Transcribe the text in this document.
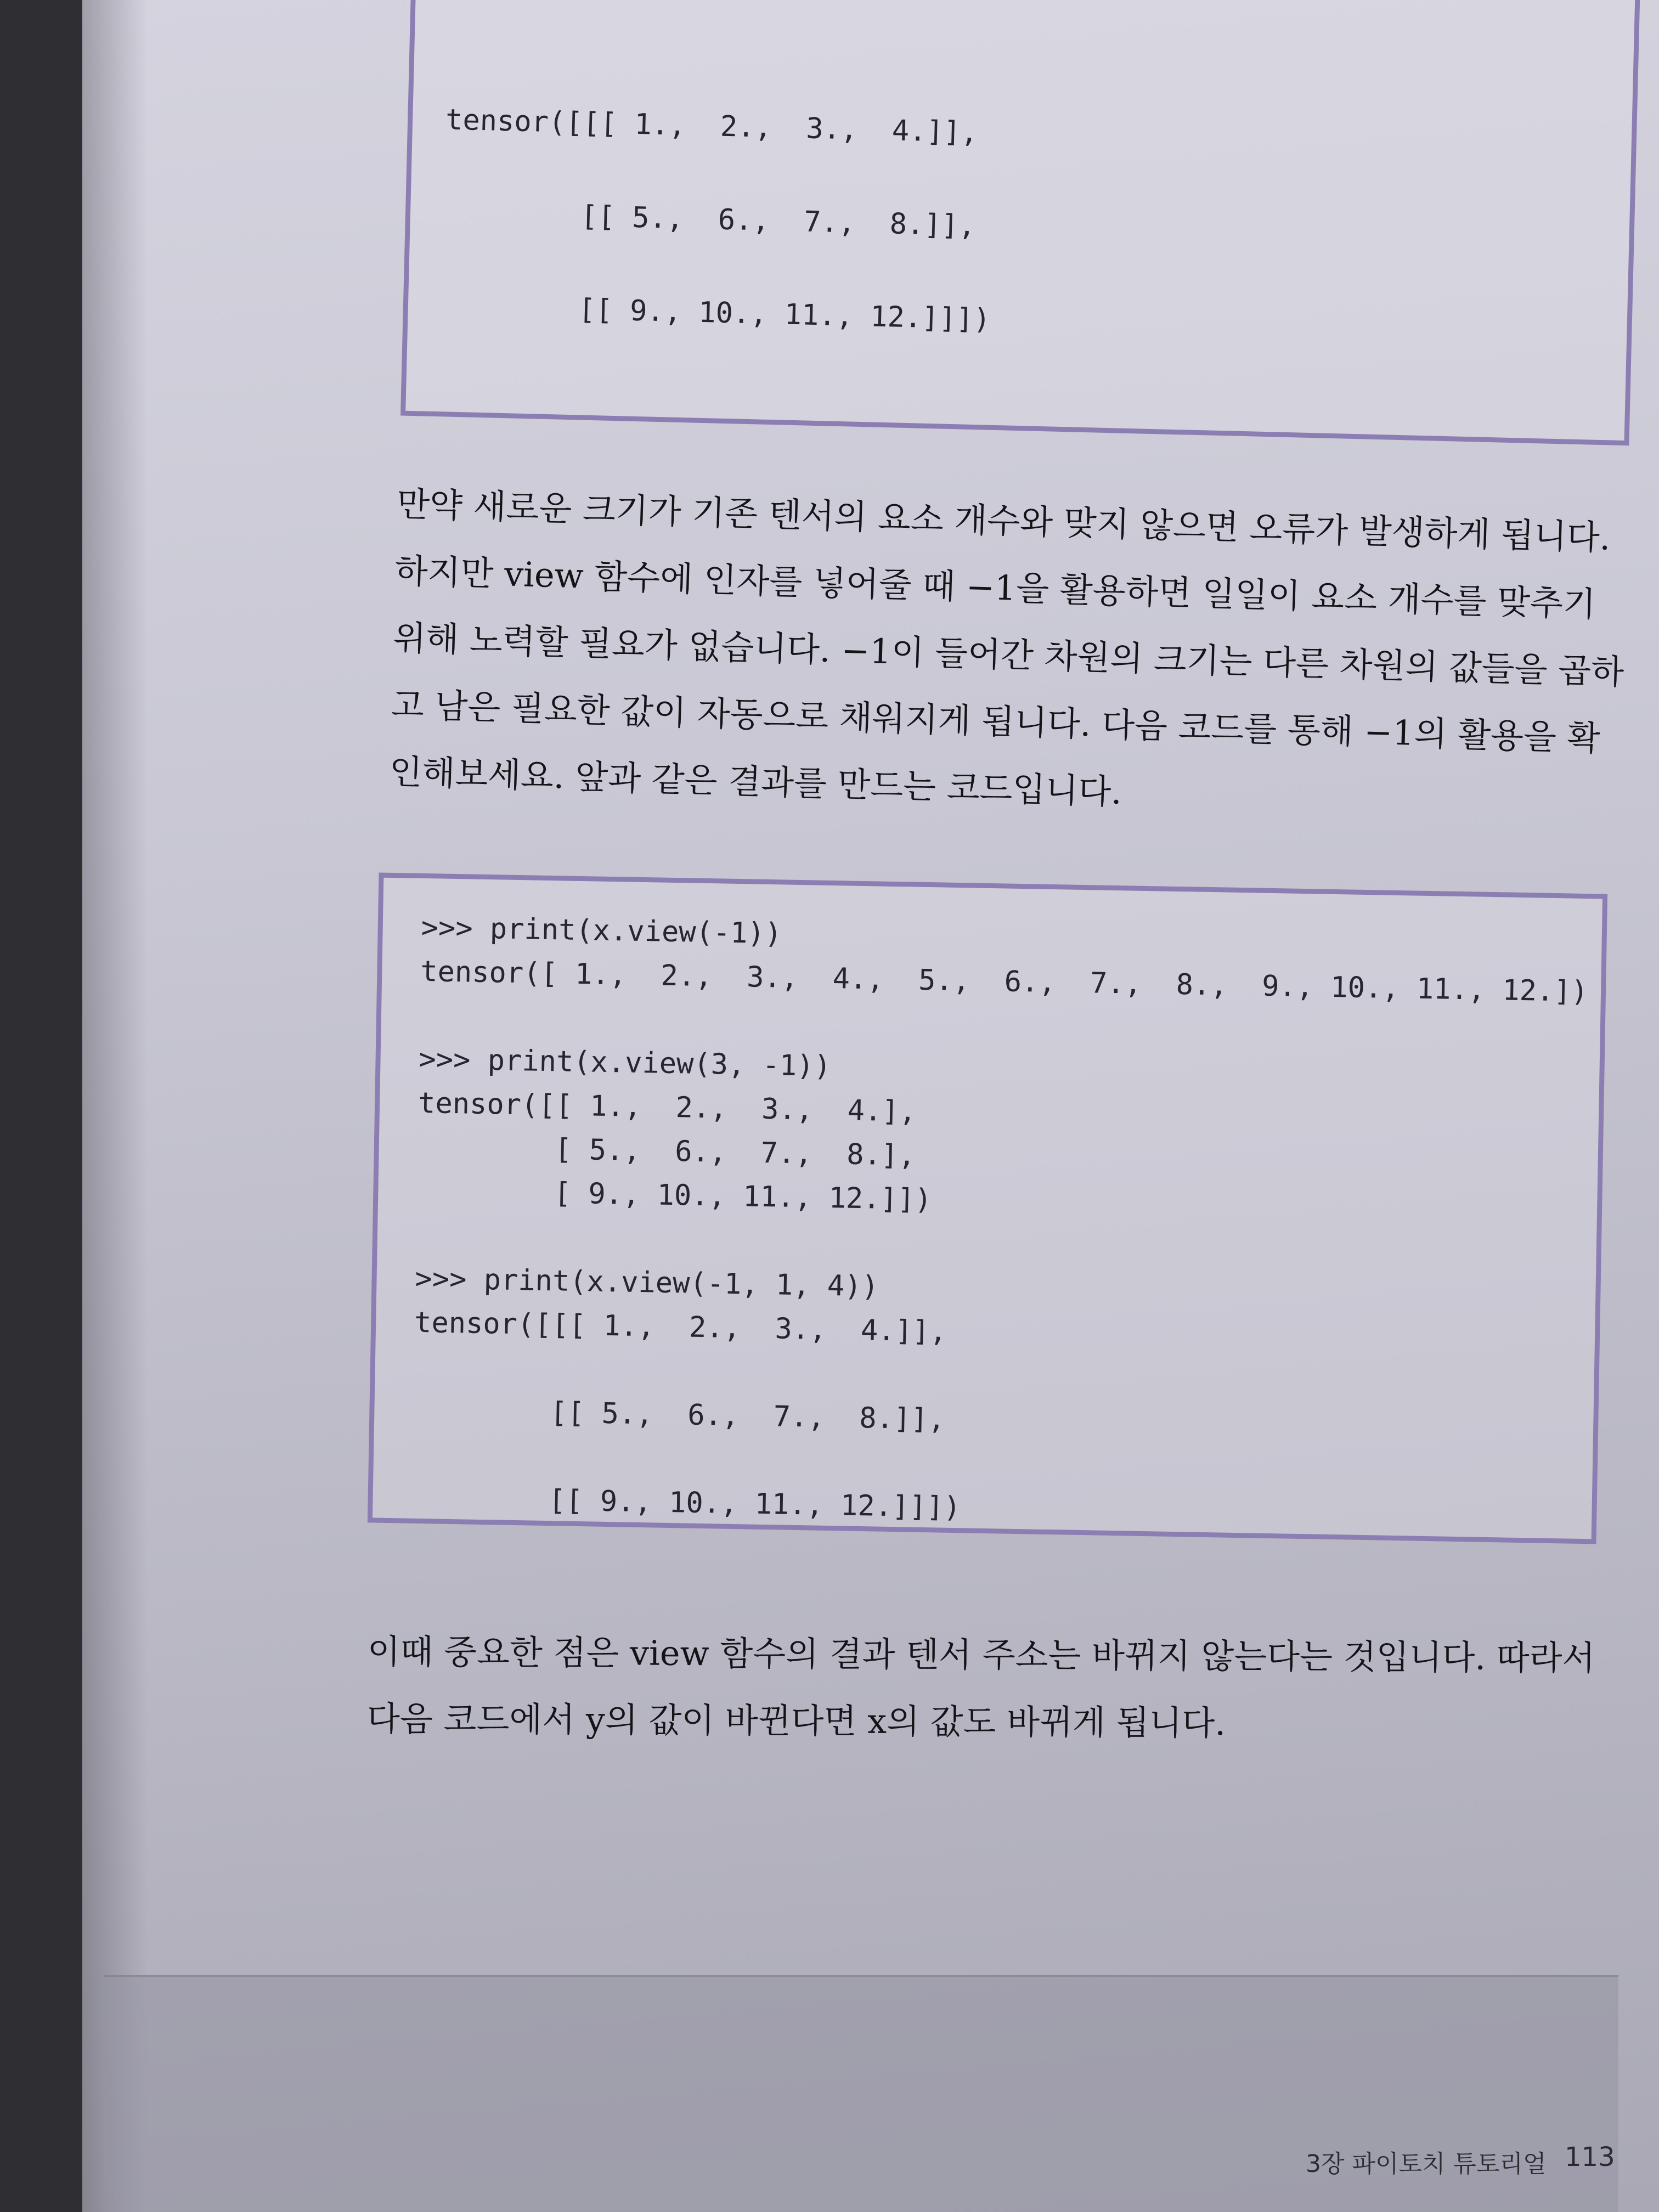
tensor([[[ 1.,  2.,  3.,  4.]],
[[ 5.,  6.,  7.,  8.]],
[[ 9., 10., 11., 12.]]])

만약 새로운 크기가 기존 텐서의 요소 개수와 맞지 않으면 오류가 발생하게 됩니다. 하지만 view 함수에 인자를 넣어줄 때 −1을 활용하면 일일이 요소 개수를 맞추기 위해 노력할 필요가 없습니다. −1이 들어간 차원의 크기는 다른 차원의 값들을 곱하고 남은 필요한 값이 자동으로 채워지게 됩니다. 다음 코드를 통해 −1의 활용을 확인해보세요. 앞과 같은 결과를 만드는 코드입니다.

>>> print(x.view(-1))
tensor([ 1.,  2.,  3.,  4.,  5.,  6.,  7.,  8.,  9., 10., 11., 12.])

>>> print(x.view(3, -1))
tensor([[ 1.,  2.,  3.,  4.],
[ 5.,  6.,  7.,  8.],
[ 9., 10., 11., 12.]])

>>> print(x.view(-1, 1, 4))
tensor([[[ 1.,  2.,  3.,  4.]],

[[ 5.,  6.,  7.,  8.]],

[[ 9., 10., 11., 12.]]])

이때 중요한 점은 view 함수의 결과 텐서 주소는 바뀌지 않는다는 것입니다. 따라서 다음 코드에서 y의 값이 바뀐다면 x의 값도 바뀌게 됩니다.

3장 파이토치 튜토리얼 113
